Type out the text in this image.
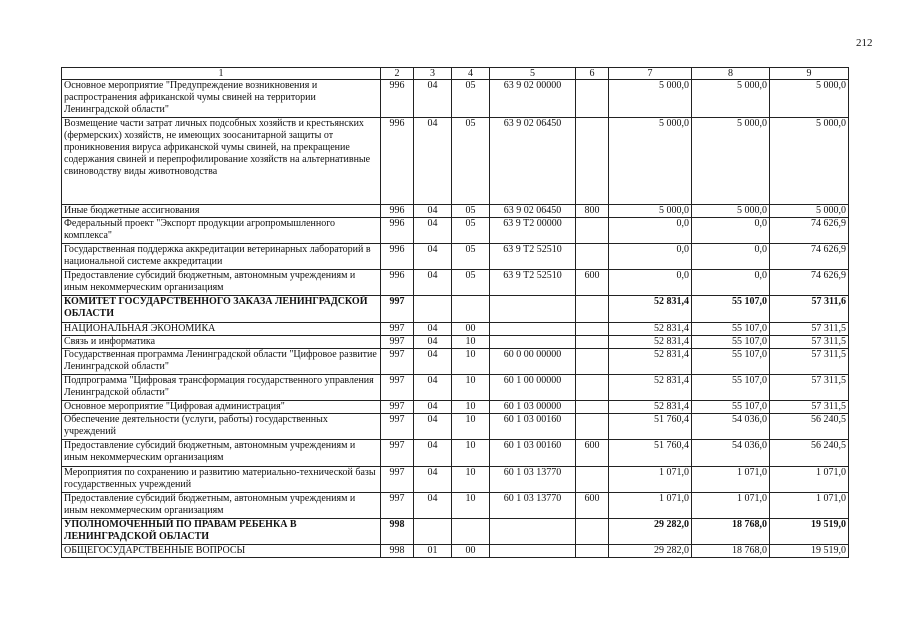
212
1	2	3	4	5	6	7	8	9
Основное мероприятие "Предупреждение возникновения и распространения африканской чумы свиней на территории Ленинградской области"	996	04	05	63 9 02 00000		5 000,0	5 000,0	5 000,0
Возмещение части затрат личных подсобных хозяйств и крестьянских (фермерских) хозяйств, не имеющих зоосанитарной защиты от проникновения вируса африканской чумы свиней, на прекращение содержания свиней и перепрофилирование хозяйств на альтернативные свиноводству виды животноводства	996	04	05	63 9 02 06450		5 000,0	5 000,0	5 000,0
Иные бюджетные ассигнования	996	04	05	63 9 02 06450	800	5 000,0	5 000,0	5 000,0
Федеральный проект "Экспорт продукции агропромышленного комплекса"	996	04	05	63 9 T2 00000		0,0	0,0	74 626,9
Государственная поддержка аккредитации ветеринарных лабораторий в национальной системе аккредитации	996	04	05	63 9 T2 52510		0,0	0,0	74 626,9
Предоставление субсидий бюджетным, автономным учреждениям и иным некоммерческим организациям	996	04	05	63 9 T2 52510	600	0,0	0,0	74 626,9
КОМИТЕТ ГОСУДАРСТВЕННОГО ЗАКАЗА ЛЕНИНГРАДСКОЙ ОБЛАСТИ	997					52 831,4	55 107,0	57 311,6
НАЦИОНАЛЬНАЯ ЭКОНОМИКА	997	04	00			52 831,4	55 107,0	57 311,5
Связь и информатика	997	04	10			52 831,4	55 107,0	57 311,5
Государственная программа Ленинградской области "Цифровое развитие Ленинградской области"	997	04	10	60 0 00 00000		52 831,4	55 107,0	57 311,5
Подпрограмма "Цифровая трансформация государственного управления Ленинградской области"	997	04	10	60 1 00 00000		52 831,4	55 107,0	57 311,5
Основное мероприятие "Цифровая администрация"	997	04	10	60 1 03 00000		52 831,4	55 107,0	57 311,5
Обеспечение деятельности (услуги, работы) государственных учреждений	997	04	10	60 1 03 00160		51 760,4	54 036,0	56 240,5
Предоставление субсидий бюджетным, автономным учреждениям и иным некоммерческим организациям	997	04	10	60 1 03 00160	600	51 760,4	54 036,0	56 240,5
Мероприятия по сохранению и развитию материально-технической базы государственных учреждений	997	04	10	60 1 03 13770		1 071,0	1 071,0	1 071,0
Предоставление субсидий бюджетным, автономным учреждениям и иным некоммерческим организациям	997	04	10	60 1 03 13770	600	1 071,0	1 071,0	1 071,0
УПОЛНОМОЧЕННЫЙ ПО ПРАВАМ РЕБЕНКА В ЛЕНИНГРАДСКОЙ ОБЛАСТИ	998					29 282,0	18 768,0	19 519,0
ОБЩЕГОСУДАРСТВЕННЫЕ ВОПРОСЫ	998	01	00			29 282,0	18 768,0	19 519,0
